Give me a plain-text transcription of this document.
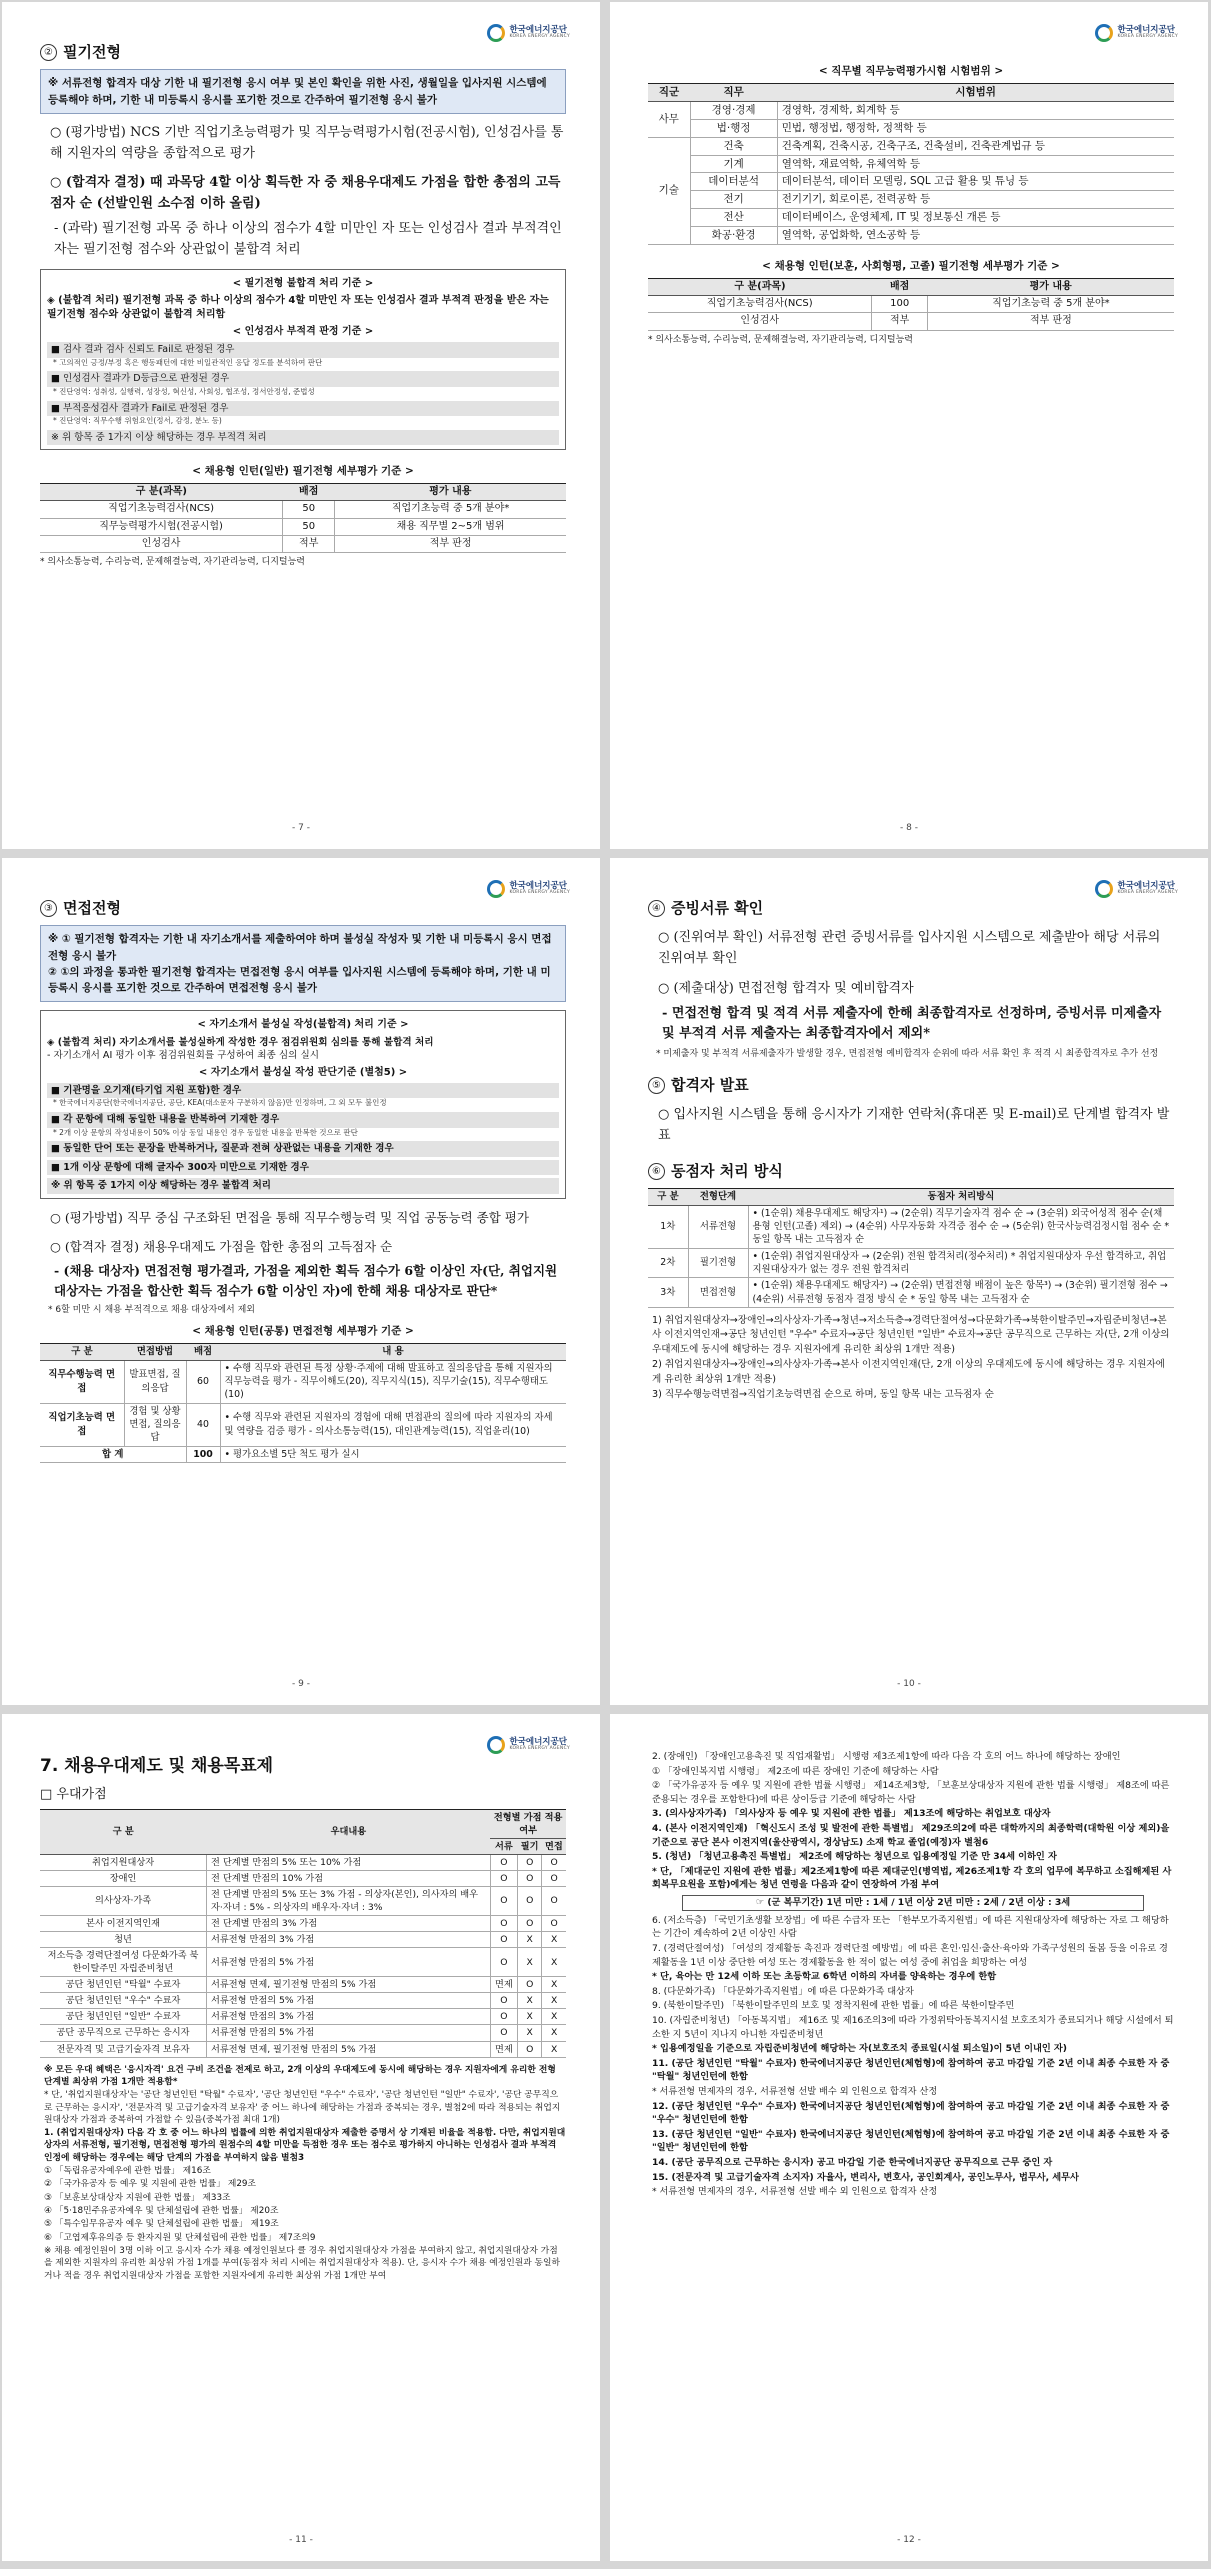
한국에너지공단
KOREA ENERGY AGENCY
② 필기전형
※ 서류전형 합격자 대상 기한 내 필기전형 응시 여부 및 본인 확인을 위한 사진, 생월일을 입사지원 시스템에 등록해야 하며, 기한 내 미등록시 응시를 포기한 것으로 간주하여 필기전형 응시 불가
○ (평가방법) NCS 기반 직업기초능력평가 및 직무능력평가시험(전공시험), 인성검사를 통해 지원자의 역량을 종합적으로 평가
○ (합격자 결정) 때 과목당 4할 이상 획득한 자 중 채용우대제도 가점을 합한 총점의 고득점자 순 (선발인원 소수점 이하 올림)
- (과락) 필기전형 과목 중 하나 이상의 점수가 4할 미만인 자 또는 인성검사 결과 부적격인 자는 필기전형 점수와 상관없이 불합격 처리
< 필기전형 불합격 처리 기준 >
◈ (불합격 처리) 필기전형 과목 중 하나 이상의 점수가 4할 미만인 자 또는 인성검사 결과 부적격 판정을 받은 자는 필기전형 점수와 상관없이 불합격 처리함
< 인성검사 부적격 판정 기준 >
■ 검사 결과 검사 신뢰도 Fail로 판정된 경우
* 고의적인 긍정/부정 혹은 행동패턴에 대한 비일관적인 응답 정도를 분석하여 판단
■ 인성검사 결과가 D등급으로 판정된 경우
* 진단영역: 성취성, 실행력, 성장성, 혁신성, 사회성, 협조성, 정서안정성, 준법성
■ 부적응성검사 결과가 Fail로 판정된 경우
* 진단영역: 직무수행 위험요인(정서, 감정, 분노 등)
※ 위 항목 중 1가지 이상 해당하는 경우 부적격 처리
< 채용형 인턴(일반) 필기전형 세부평가 기준 >
구 분(과목)	배점	평가 내용
직업기초능력검사(NCS)	50	직업기초능력 중 5개 분야*
직무능력평가시험(전공시험)	50	채용 직무별 2~5개 범위
인성검사	적부	적부 판정
* 의사소통능력, 수리능력, 문제해결능력, 자기관리능력, 디지털능력
- 7 -
한국에너지공단
KOREA ENERGY AGENCY
< 직무별 직무능력평가시험 시험범위 >
직군	직무	시험범위
사무	경영·경제	경영학, 경제학, 회계학 등
	법·행정	민법, 행정법, 행정학, 정책학 등
기술	건축	건축계획, 건축시공, 건축구조, 건축설비, 건축관계법규 등
	기계	열역학, 재료역학, 유체역학 등
	데이터분석	데이터분석, 데이터 모델링, SQL 고급 활용 및 튜닝 등
	전기	전기기기, 회로이론, 전력공학 등
	전산	데이터베이스, 운영체제, IT 및 정보통신 개론 등
	화공·환경	열역학, 공업화학, 연소공학 등
< 채용형 인턴(보훈, 사회형평, 고졸) 필기전형 세부평가 기준 >
구 분(과목)	배점	평가 내용
직업기초능력검사(NCS)	100	직업기초능력 중 5개 분야*
인성검사	적부	적부 판정
* 의사소통능력, 수리능력, 문제해결능력, 자기관리능력, 디지털능력
- 8 -
한국에너지공단
KOREA ENERGY AGENCY
③ 면접전형
※ ① 필기전형 합격자는 기한 내 자기소개서를 제출하여야 하며 불성실 작성자 및 기한 내 미등록시 응시 면접전형 응시 불가
② ①의 과정을 통과한 필기전형 합격자는 면접전형 응시 여부를 입사지원 시스템에 등록해야 하며, 기한 내 미등록시 응시를 포기한 것으로 간주하여 면접전형 응시 불가
< 자기소개서 불성실 작성(불합격) 처리 기준 >
◈ (불합격 처리) 자기소개서를 불성실하게 작성한 경우 점검위원회 심의를 통해 불합격 처리
- 자기소개서 AI 평가 이후 점검위원회를 구성하여 최종 심의 실시
< 자기소개서 불성실 작성 판단기준 (별첨5) >
■ 기관명을 오기재(타기업 지원 포함)한 경우
* 한국에너지공단(한국에너지공단, 공단, KEA(대소문자 구분하지 않음)만 인정하며, 그 외 모두 불인정
■ 각 문항에 대해 동일한 내용을 반복하여 기재한 경우
* 2개 이상 문항의 작성내용이 50% 이상 동일 내용인 경우 동일한 내용을 반복한 것으로 판단
■ 동일한 단어 또는 문장을 반복하거나, 질문과 전혀 상관없는 내용을 기재한 경우
■ 1개 이상 문항에 대해 글자수 300자 미만으로 기재한 경우
※ 위 항목 중 1가지 이상 해당하는 경우 불합격 처리
○ (평가방법) 직무 중심 구조화된 면접을 통해 직무수행능력 및 직업 공동능력 종합 평가
○ (합격자 결정) 채용우대제도 가점을 합한 총점의 고득점자 순
- (채용 대상자) 면접전형 평가결과, 가점을 제외한 획득 점수가 6할 이상인 자(단, 취업지원대상자는 가점을 합산한 획득 점수가 6할 이상인 자)에 한해 채용 대상자로 판단*
* 6할 미만 시 채용 부적격으로 채용 대상자에서 제외
< 채용형 인턴(공통) 면접전형 세부평가 기준 >
구 분	면접방법	배점	내 용
직무수행능력 면접	발표면접, 질의응답	60	• 수행 직무와 관련된 특정 상황·주제에 대해 발표하고 질의응답을 통해 지원자의 직무능력을 평가 - 직무이해도(20), 직무지식(15), 직무기술(15), 직무수행태도(10)
직업기초능력 면접	경험 및 상황면접, 질의응답	40	• 수행 직무와 관련된 지원자의 경험에 대해 면접관의 질의에 따라 지원자의 자세 및 역량을 검증 평가 - 의사소통능력(15), 대인관계능력(15), 직업윤리(10)
합 계		100	• 평가요소별 5단 척도 평가 실시
- 9 -
한국에너지공단
KOREA ENERGY AGENCY
④ 증빙서류 확인
○ (진위여부 확인) 서류전형 관련 증빙서류를 입사지원 시스템으로 제출받아 해당 서류의 진위여부 확인
○ (제출대상) 면접전형 합격자 및 예비합격자
- 면접전형 합격 및 적격 서류 제출자에 한해 최종합격자로 선정하며, 증빙서류 미제출자 및 부적격 서류 제출자는 최종합격자에서 제외*
* 미제출자 및 부적격 서류제출자가 발생할 경우, 면접전형 예비합격자 순위에 따라 서류 확인 후 적격 시 최종합격자로 추가 선정
⑤ 합격자 발표
○ 입사지원 시스템을 통해 응시자가 기재한 연락처(휴대폰 및 E-mail)로 단계별 합격자 발표
⑥ 동점자 처리 방식
구 분	전형단계	동점자 처리방식
1차	서류전형	• (1순위) 채용우대제도 해당자¹) → (2순위) 직무기술자격 점수 순 → (3순위) 외국어성적 점수 순(채용형 인턴(고졸) 제외) → (4순위) 사무자동화 자격증 점수 순 → (5순위) 한국사능력검정시험 점수 순 * 동일 항목 내는 고득점자 순
2차	필기전형	• (1순위) 취업지원대상자 → (2순위) 전원 합격처리(정수처리) * 취업지원대상자 우선 합격하고, 취업지원대상자가 없는 경우 전원 합격처리
3차	면접전형	• (1순위) 채용우대제도 해당자²) → (2순위) 면접전형 배점이 높은 항목³) → (3순위) 필기전형 점수 → (4순위) 서류전형 동점자 결정 방식 순 * 동일 항목 내는 고득점자 순
1) 취업지원대상자→장애인→의사상자·가족→청년→저소득층→경력단절여성→다문화가족→북한이탈주민→자립준비청년→본사 이전지역인재→공단 청년인턴 "우수" 수료자→공단 청년인턴 "일반" 수료자→공단 공무직으로 근무하는 자(단, 2개 이상의 우대제도에 동시에 해당하는 경우 지원자에게 유리한 최상위 1개만 적용)
2) 취업지원대상자→장애인→의사상자·가족→본사 이전지역인재(단, 2개 이상의 우대제도에 동시에 해당하는 경우 지원자에게 유리한 최상위 1개만 적용)
3) 직무수행능력면접→직업기초능력면접 순으로 하며, 동일 항목 내는 고득점자 순
- 10 -
한국에너지공단
KOREA ENERGY AGENCY
7. 채용우대제도 및 채용목표제
□ 우대가점
구 분	우대내용	전형별 가점 적용여부		
		서류	필기	면접
취업지원대상자	전 단계별 만점의 5% 또는 10% 가점	O	O	O
장애인	전 단계별 만점의 10% 가점	O	O	O
의사상자·가족	전 단계별 만점의 5% 또는 3% 가점 - 의상자(본인), 의사자의 배우자·자녀 : 5% - 의상자의 배우자·자녀 : 3%	O	O	O
본사 이전지역인재	전 단계별 만점의 3% 가점	O	O	O
청년	서류전형 만점의 3% 가점	O	X	X
저소득층 경력단절여성 다문화가족 북한이탈주민 자립준비청년	서류전형 만점의 5% 가점	O	X	X
공단 청년인턴 "탁월" 수료자	서류전형 면제, 필기전형 만점의 5% 가점	면제	O	X
공단 청년인턴 "우수" 수료자	서류전형 만점의 5% 가점	O	X	X
공단 청년인턴 "일반" 수료자	서류전형 만점의 3% 가점	O	X	X
공단 공무직으로 근무하는 응시자	서류전형 만점의 5% 가점	O	X	X
전문자격 및 고급기술자격 보유자	서류전형 면제, 필기전형 만점의 5% 가점	면제	O	X
※ 모든 우대 혜택은 '응시자격' 요건 구비 조건을 전제로 하고, 2개 이상의 우대제도에 동시에 해당하는 경우 지원자에게 유리한 전형 단계별 최상위 가점 1개만 적용함*
* 단, '취업지원대상자'는 '공단 청년인턴 "탁월" 수료자', '공단 청년인턴 "우수" 수료자', '공단 청년인턴 "일반" 수료자', '공단 공무직으로 근무하는 응시자', '전문자격 및 고급기술자격 보유자' 중 어느 하나에 해당하는 가점과 중복되는 경우, 별첨2에 따라 적용되는 취업지원대상자 가점과 중복하여 가점할 수 있음(중복가점 최대 1개)
1. (취업지원대상자) 다음 각 호 중 어느 하나의 법률에 의한 취업지원대상자 제출한 증명서 상 기재된 비율을 적용함. 다만, 취업지원대상자의 서류전형, 필기전형, 면접전형 평가의 원점수의 4할 미만을 득점한 경우 또는 점수로 평가하지 아니하는 인성검사 결과 부적격 인정에 해당하는 경우에는 해당 단계의 가점을 부여하지 않음 별첨3
① 「독립유공자예우에 관한 법률」 제16조
② 「국가유공자 등 예우 및 지원에 관한 법률」 제29조
③ 「보훈보상대상자 지원에 관한 법률」 제33조
④ 「5·18민주유공자예우 및 단체설립에 관한 법률」 제20조
⑤ 「특수임무유공자 예우 및 단체설립에 관한 법률」 제19조
⑥ 「고엽제후유의증 등 환자지원 및 단체설립에 관한 법률」 제7조의9
※ 채용 예정인원이 3명 이하 이고 응시자 수가 채용 예정인원보다 클 경우 취업지원대상자 가점을 부여하지 않고, 취업지원대상자 가점을 제외한 지원자의 유리한 최상위 가점 1개를 부여(동점자 처리 시에는 취업지원대상자 적용). 단, 응시자 수가 채용 예정인원과 동일하거나 적을 경우 취업지원대상자 가점을 포함한 지원자에게 유리한 최상위 가점 1개만 부여
- 11 -
2. (장애인) 「장애인고용촉진 및 직업재활법」 시행령 제3조제1항에 따라 다음 각 호의 어느 하나에 해당하는 장애인
① 「장애인복지법 시행령」 제2조에 따른 장애인 기준에 해당하는 사람
② 「국가유공자 등 예우 및 지원에 관한 법률 시행령」 제14조제3항, 「보훈보상대상자 지원에 관한 법률 시행령」 제8조에 따른 준용되는 경우를 포함한다)에 따른 상이등급 기준에 해당하는 사람
3. (의사상자가족) 「의사상자 등 예우 및 지원에 관한 법률」 제13조에 해당하는 취업보호 대상자
4. (본사 이전지역인재) 「혁신도시 조성 및 발전에 관한 특별법」 제29조의2에 따른 대학까지의 최종학력(대학원 이상 제외)을 기준으로 공단 본사 이전지역(울산광역시, 경상남도) 소재 학교 졸업(예정)자 별첨6
5. (청년) 「청년고용촉진 특별법」 제2조에 해당하는 청년으로 입용예정일 기준 만 34세 이하인 자
* 단, 「제대군인 지원에 관한 법률」제2조제1항에 따른 제대군인(병역법, 제26조제1항 각 호의 업무에 복무하고 소집해제된 사회복무요원을 포함)에게는 청년 연령을 다음과 같이 연장하여 가점 부여
☞ (군 복무기간) 1년 미만 : 1세 / 1년 이상 2년 미만 : 2세 / 2년 이상 : 3세
6. (저소득층) 「국민기초생활 보장법」에 따른 수급자 또는 「한부모가족지원법」에 따른 지원대상자에 해당하는 자로 그 해당하는 기간이 계속하여 2년 이상인 사람
7. (경력단절여성) 「여성의 경제활동 촉진과 경력단절 예방법」에 따른 혼인·임신·출산·육아와 가족구성원의 돌봄 등을 이유로 경제활동을 1년 이상 중단한 여성 또는 경제활동을 한 적이 없는 여성 중에 취업을 희망하는 여성
* 단, 육아는 만 12세 이하 또는 초등학교 6학년 이하의 자녀를 양육하는 경우에 한함
8. (다문화가족) 「다문화가족지원법」에 따른 다문화가족 대상자
9. (북한이탈주민) 「북한이탈주민의 보호 및 정착지원에 관한 법률」에 따른 북한이탈주민
10. (자립준비청년) 「아동복지법」 제16조 및 제16조의3에 따라 가정위탁아동복지시설 보호조치가 종료되거나 해당 시설에서 퇴소한 지 5년이 지나지 아니한 자립준비청년
* 입용예정일을 기준으로 자립준비청년에 해당하는 자(보호조치 종료일(시설 퇴소일)이 5년 이내인 자)
11. (공단 청년인턴 "탁월" 수료자) 한국에너지공단 청년인턴(체험형)에 참여하여 공고 마감일 기준 2년 이내 최종 수료한 자 중 "탁월" 청년인턴에 한함
* 서류전형 면제자의 경우, 서류전형 선발 배수 외 인원으로 합격자 산정
12. (공단 청년인턴 "우수" 수료자) 한국에너지공단 청년인턴(체험형)에 참여하여 공고 마감일 기준 2년 이내 최종 수료한 자 중 "우수" 청년인턴에 한함
13. (공단 청년인턴 "일반" 수료자) 한국에너지공단 청년인턴(체험형)에 참여하여 공고 마감일 기준 2년 이내 최종 수료한 자 중 "일반" 청년인턴에 한함
14. (공단 공무직으로 근무하는 응시자) 공고 마감일 기준 한국에너지공단 공무직으로 근무 중인 자
15. (전문자격 및 고급기술자격 소지자) 자율사, 변리사, 변호사, 공인회계사, 공인노무사, 법무사, 세무사
* 서류전형 면제자의 경우, 서류전형 선발 배수 외 인원으로 합격자 산정
- 12 -
